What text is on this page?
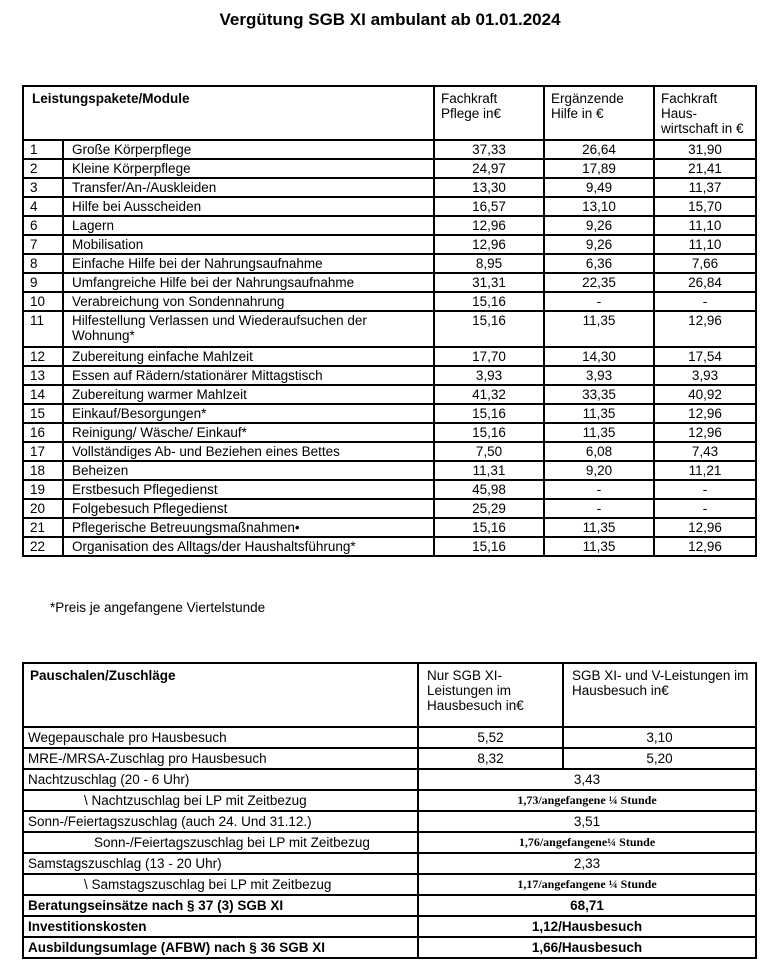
Vergütung SGB XI ambulant ab 01.01.2024
Leistungspakete/Module		Fachkraft Pflege in€	Ergänzende Hilfe in €	Fachkraft Haus-wirtschaft in €
1	Große Körperpflege	37,33	26,64	31,90
2	Kleine Körperpflege	24,97	17,89	21,41
3	Transfer/An-/Auskleiden	13,30	9,49	11,37
4	Hilfe bei Ausscheiden	16,57	13,10	15,70
6	Lagern	12,96	9,26	11,10
7	Mobilisation	12,96	9,26	11,10
8	Einfache Hilfe bei der Nahrungsaufnahme	8,95	6,36	7,66
9	Umfangreiche Hilfe bei der Nahrungsaufnahme	31,31	22,35	26,84
10	Verabreichung von Sondennahrung	15,16	-	-
11	Hilfestellung Verlassen und Wiederaufsuchen der Wohnung*	15,16	11,35	12,96
12	Zubereitung einfache Mahlzeit	17,70	14,30	17,54
13	Essen auf Rädern/stationärer Mittagstisch	3,93	3,93	3,93
14	Zubereitung warmer Mahlzeit	41,32	33,35	40,92
15	Einkauf/Besorgungen*	15,16	11,35	12,96
16	Reinigung/ Wäsche/ Einkauf*	15,16	11,35	12,96
17	Vollständiges Ab- und Beziehen eines Bettes	7,50	6,08	7,43
18	Beheizen	11,31	9,20	11,21
19	Erstbesuch Pflegedienst	45,98	-	-
20	Folgebesuch Pflegedienst	25,29	-	-
21	Pflegerische Betreuungsmaßnahmen•	15,16	11,35	12,96
22	Organisation des Alltags/der Haushaltsführung*	15,16	11,35	12,96
*Preis je angefangene Viertelstunde
Pauschalen/Zuschläge	Nur SGB XI-Leistungen im Hausbesuch in€	SGB XI- und V-Leistungen im Hausbesuch in€
Wegepauschale pro Hausbesuch	5,52	3,10
MRE-/MRSA-Zuschlag pro Hausbesuch	8,32	5,20
Nachtzuschlag (20 - 6 Uhr)	3,43	
\ Nachtzuschlag bei LP mit Zeitbezug	1,73/angefangene ¼ Stunde	
Sonn-/Feiertagszuschlag (auch 24. Und 31.12.)	3,51	
Sonn-/Feiertagszuschlag bei LP mit Zeitbezug	1,76/angefangene¼ Stunde	
Samstagszuschlag (13 - 20 Uhr)	2,33	
\ Samstagszuschlag bei LP mit Zeitbezug	1,17/angefangene ¼ Stunde	
Beratungseinsätze nach § 37 (3) SGB XI	68,71	
Investitionskosten	1,12/Hausbesuch	
Ausbildungsumlage (AFBW) nach § 36 SGB XI	1,66/Hausbesuch	
